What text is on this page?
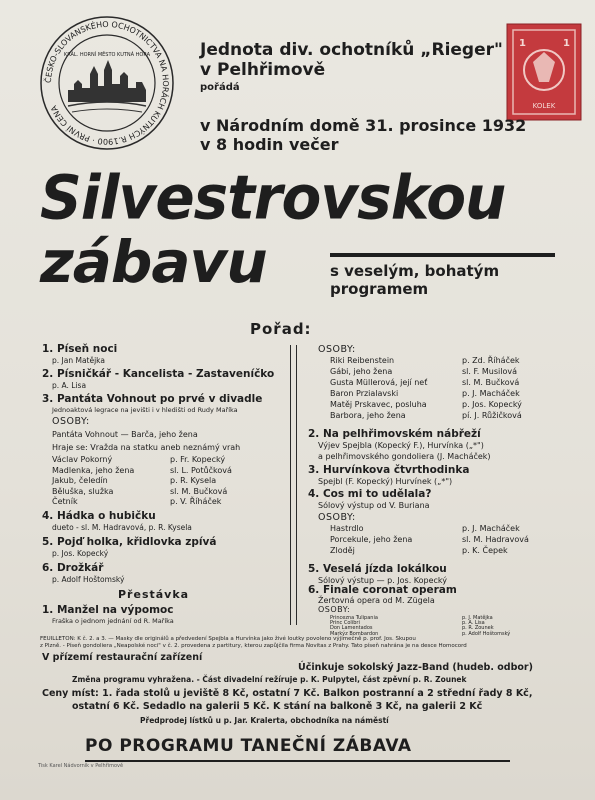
ČESKO-SLOVANSKÉHO OCHOTNICTVA NA HORÁCH KUTNÝCH R.1900 · PRVNÍ CENA
KRÁL. HORNÍ MĚSTO KUTNÁ HORA
1	1
KOLEK
Jednota div. ochotníků „Rieger"
v Pelhřimově
pořádá
v Národním domě 31. prosince 1932
v 8 hodin večer
Silvestrovskou
zábavu	s veselým, bohatým
programem
Pořad:
1. Píseň noci
p. Jan Matějka
2. Písničkář - Kancelista - Zastaveníčko
p. A. Lisa
3. Pantáta Vohnout po prvé v divadle
Jednoaktová legrace na jevišti i v hledišti od Rudy Maříka
OSOBY:
Pantáta Vohnout — Barča, jeho žena
Hraje se: Vražda na statku aneb neznámý vrah
4. Hádka o hubičku
dueto - sl. M. Hadravová, p. R. Kysela
5. Pojď holka, křidlovka zpívá
p. Jos. Kopecký
6. Drožkář
p. Adolf Hoštomský
Přestávka
1. Manžel na výpomoc
Fraška o jednom jednání od R. Maříka
OSOBY:
2. Na pelhřimovském nábřeží
Výjev Spejbla (Kopecký F.), Hurvínka („*")
a pelhřimovského gondoliera (J. Macháček)
3. Hurvínkova čtvrthodinka
Spejbl (F. Kopecký) Hurvínek („*")
4. Cos mi to udělala?
Sólový výstup od V. Buriana
OSOBY:
5. Veselá jízda lokálkou
Sólový výstup — p. Jos. Kopecký
6. Finale coronat operam
Žertovná opera od M. Zügela
OSOBY:
FEUILLETON: K č. 2. a 3. — Masky dle originálů a předvedení Spejbla a Hurvínka jako živé loutky povoleno výjimečně p. prof. Jos. Skupou
z Plzně. - Píseň gondoliera „Neapolské noci" v č. 2. provedena z partitury, kterou zapůjčila firma Novitas z Prahy. Tato píseň nahrána je na desce Homocord
V přízemí restaurační zařízení
Účinkuje sokolský Jazz-Band (hudeb. odbor)
Změna programu vyhražena. - Část divadelní režíruje p. K. Pulpytel, část zpěvní p. R. Zounek
Ceny míst: 1. řada stolů u jeviště 8 Kč, ostatní 7 Kč. Balkon postranní a 2 střední řady 8 Kč,
ostatní 6 Kč. Sedadlo na galerii 5 Kč. K stání na balkoně 3 Kč, na galerii 2 Kč
Předprodej lístků u p. Jar. Kralerta, obchodníka na náměstí
PO PROGRAMU TANEČNÍ ZÁBAVA
Tisk Karel Nádvorník v Pelhřimově
Václav Pokorný	p. Fr. Kopecký
Madlenka, jeho žena	sl. L. Potůčková
Jakub, čeledín	p. R. Kysela
Běluška, služka	sl. M. Bučková
Četník	p. V. Říháček
Riki Reibenstein	p. Zd. Říháček
Gábi, jeho žena	sl. F. Musilová
Gusta Müllerová, její neť	sl. M. Bučková
Baron Przialavski	p. J. Macháček
Matěj Prskavec, posluha	p. Jos. Kopecký
Barbora, jeho žena	pí. J. Růžičková
Hastrdlo	p. J. Macháček
Porcekule, jeho žena	sl. M. Hadravová
Zloděj	p. K. Čepek
Princezna Tulipania	p. J. Matějka
Princ Colibri	p. A. Lisa
Don Lamentados	p. R. Zounek
Markýz Bombardon	p. Adolf Hoštomský
